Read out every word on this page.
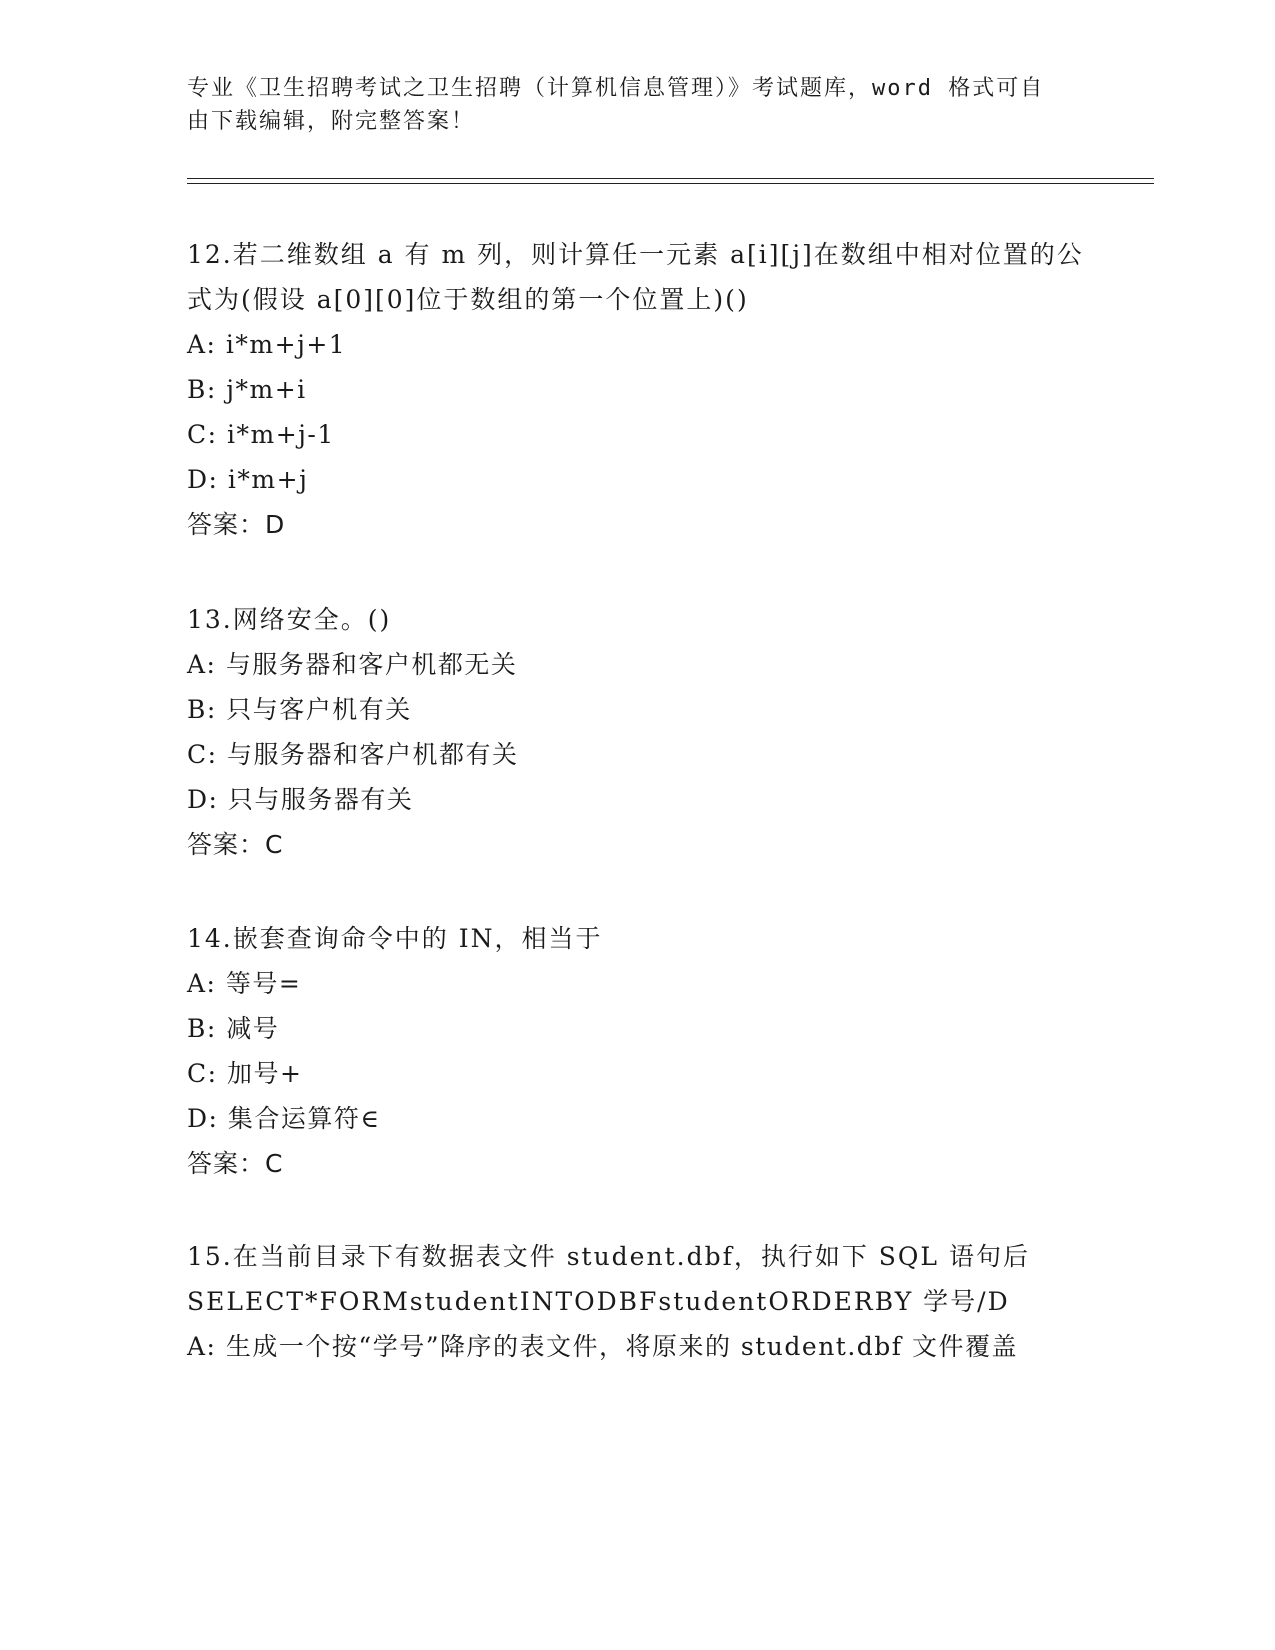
专业《卫生招聘考试之卫生招聘（计算机信息管理）》考试题库，word 格式可自由下载编辑，附完整答案！

12.若二维数组 a 有 m 列，则计算任一元素 a[i][j]在数组中相对位置的公式为(假设 a[0][0]位于数组的第一个位置上)()

A: i*m+j+1

B: j*m+i

C: i*m+j-1

D: i*m+j

答案：D

13.网络安全。()

A: 与服务器和客户机都无关

B: 只与客户机有关

C: 与服务器和客户机都有关

D: 只与服务器有关

答案：C

14.嵌套查询命令中的 IN，相当于

A: 等号=

B: 减号

C: 加号+

D: 集合运算符∈

答案：C

15.在当前目录下有数据表文件 student.dbf，执行如下 SQL 语句后SELECT*FORMstudentINTODBFstudentORDERBY 学号/D

A: 生成一个按“学号”降序的表文件，将原来的 student.dbf 文件覆盖
